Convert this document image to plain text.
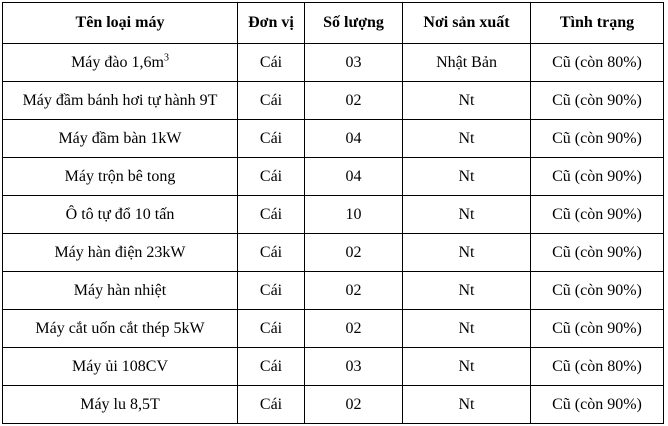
Tên loại máy	Đơn vị	Số lượng	Nơi sản xuất	Tình trạng
Máy đào $1,6m^3$	Cái	03	Nhật Bản	Cũ (còn 80%)
Máy đầm bánh hơi tự hành 9T	Cái	02	Nt	Cũ (còn 90%)
Máy đầm bàn 1kW	Cái	04	Nt	Cũ (còn 90%)
Máy trộn bê tong	Cái	04	Nt	Cũ (còn 90%)
Ô tô tự đổ 10 tấn	Cái	10	Nt	Cũ (còn 90%)
Máy hàn điện 23kW	Cái	02	Nt	Cũ (còn 90%)
Máy hàn nhiệt	Cái	02	Nt	Cũ (còn 90%)
Máy cắt uốn cắt thép 5kW	Cái	02	Nt	Cũ (còn 90%)
Máy ủi 108CV	Cái	03	Nt	Cũ (còn 80%)
Máy lu 8,5T	Cái	02	Nt	Cũ (còn 90%)
